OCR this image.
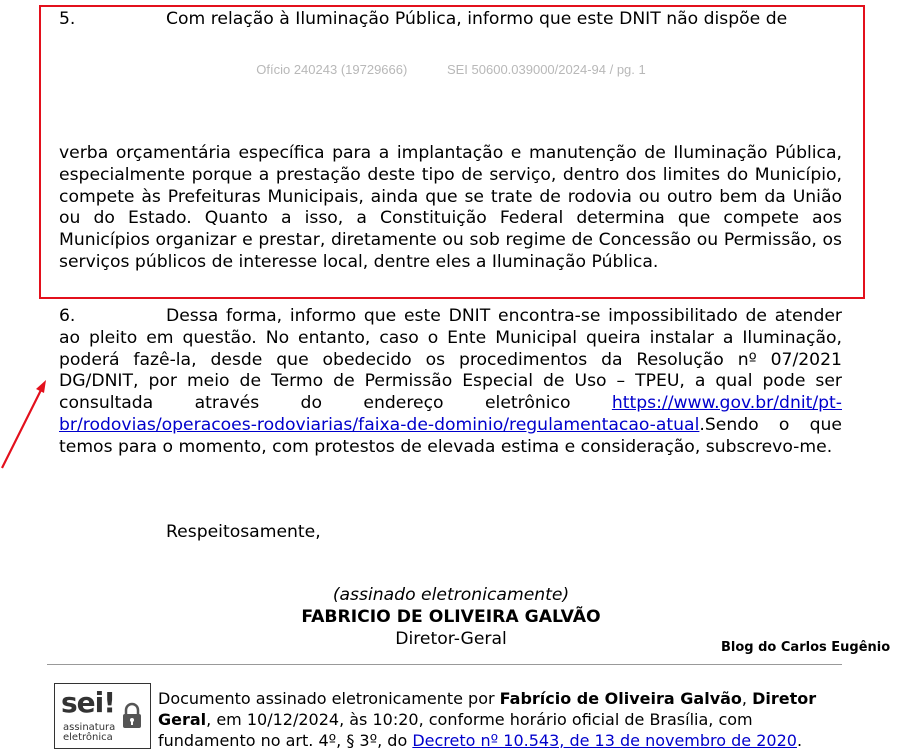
5.	Com relação à Iluminação Pública, informo que este DNIT não dispõe de
Ofício 240243 (19729666)	SEI 50600.039000/2024-94 / pg. 1

verba orçamentária específica para a implantação e manutenção de Iluminação Pública, especialmente porque a prestação deste tipo de serviço, dentro dos limites do Município, compete às Prefeituras Municipais, ainda que se trate de rodovia ou outro bem da União ou do Estado. Quanto a isso, a Constituição Federal determina que compete aos Municípios organizar e prestar, diretamente ou sob regime de Concessão ou Permissão, os serviços públicos de interesse local, dentre eles a Iluminação Pública.

6.	Dessa forma, informo que este DNIT encontra-se impossibilitado de atender ao pleito em questão. No entanto, caso o Ente Municipal queira instalar a Iluminação, poderá fazê-la, desde que obedecido os procedimentos da Resolução nº 07/2021 DG/DNIT, por meio de Termo de Permissão Especial de Uso – TPEU, a qual pode ser consultada através do endereço eletrônico https://www.gov.br/dnit/pt-br/rodovias/operacoes-rodoviarias/faixa-de-dominio/regulamentacao-atual.Sendo o que temos para o momento, com protestos de elevada estima e consideração, subscrevo-me.

Respeitosamente,
(assinado eletronicamente)
FABRICIO DE OLIVEIRA GALVÃO
Diretor-Geral	Blog do Carlos Eugênio
sei!
assinatura
eletrônica
Documento assinado eletronicamente por Fabrício de Oliveira Galvão, Diretor Geral, em 10/12/2024, às 10:20, conforme horário oficial de Brasília, com fundamento no art. 4º, § 3º, do Decreto nº 10.543, de 13 de novembro de 2020.
